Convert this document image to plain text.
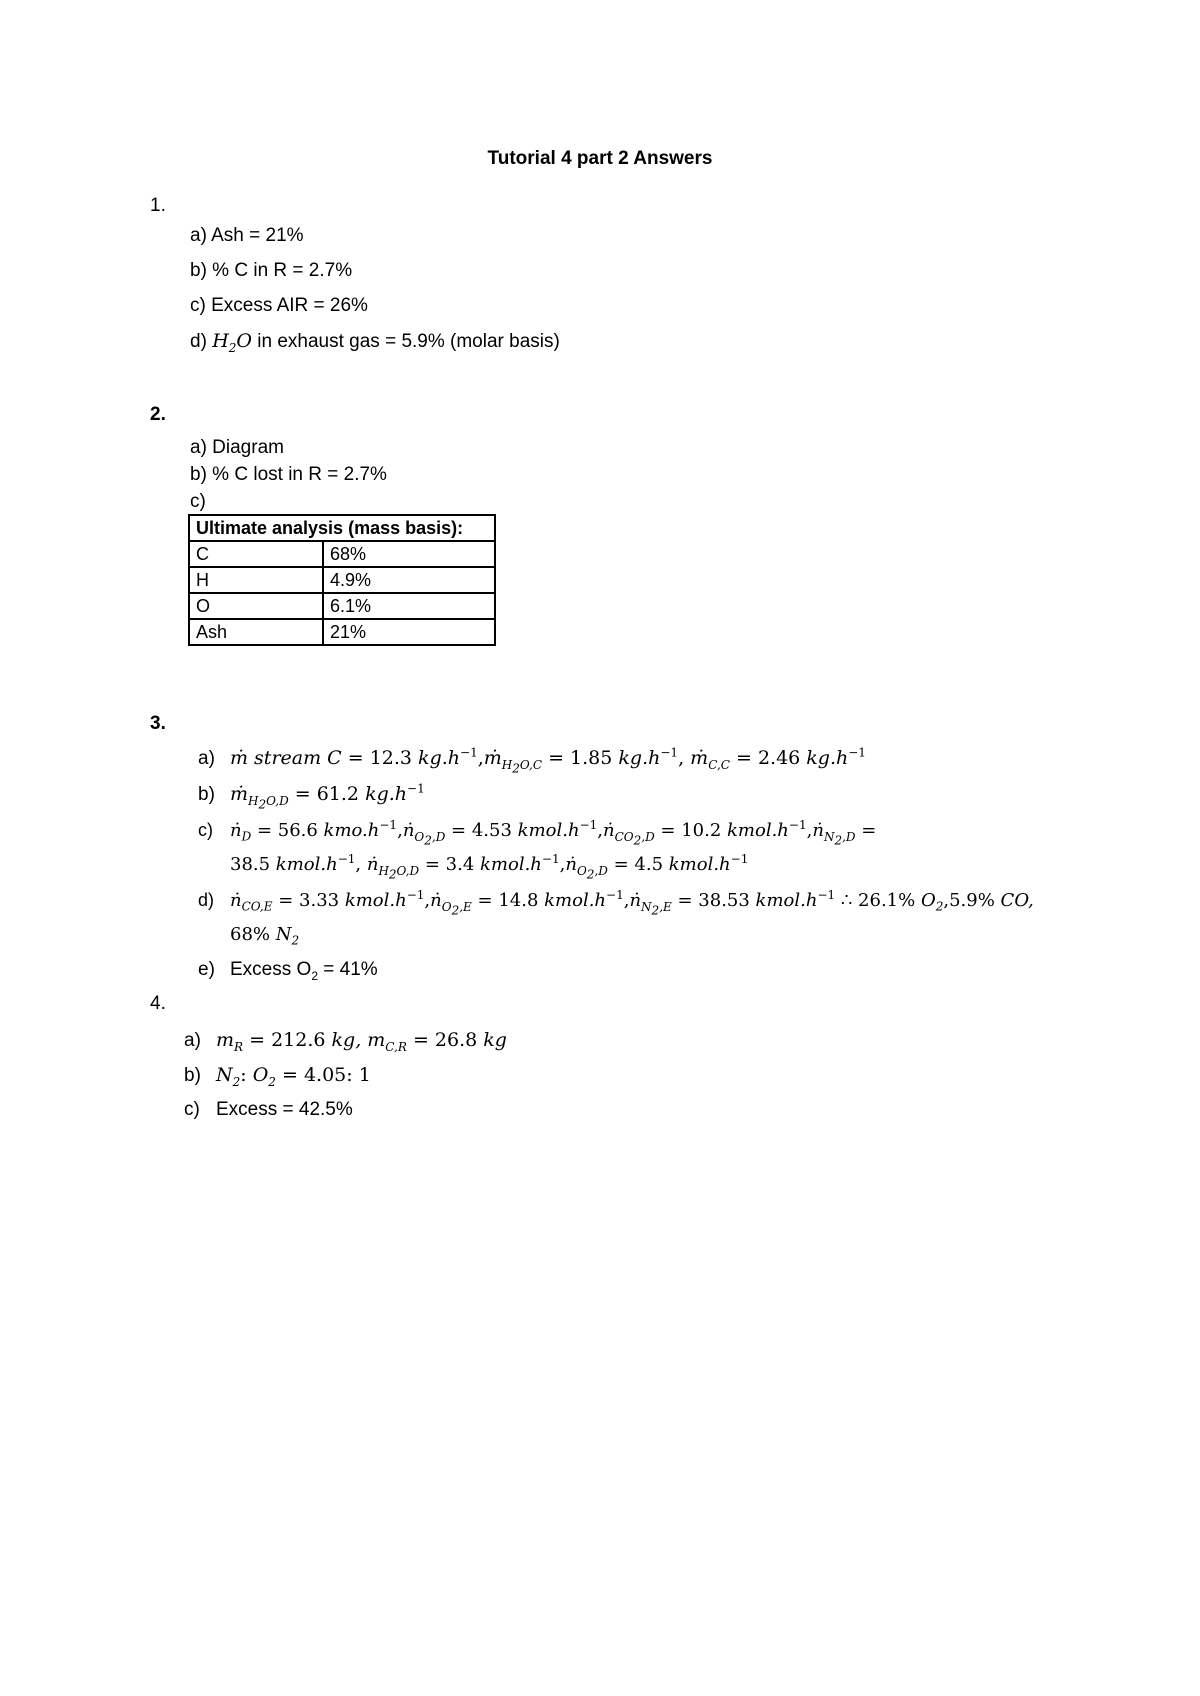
Tutorial 4 part 2 Answers
1.
a) Ash = 21%
b) % C in R = 2.7%
c) Excess AIR = 26%
d) $H_2O$ in exhaust gas = 5.9% (molar basis)
2.
a) Diagram
b) % C lost in R = 2.7%
c)
Ultimate analysis (mass basis):	
C	68%
H	4.9%
O	6.1%
Ash	21%
3.
a) ṁ stream C = 12.3 $kg.h^{-1},ṁ_{H_2O,C} = 1.85$ $kg.h^{-1}$, ṁ$_{C,C}$ = 2.46 $kg.h^{-1}$
b) ṁ$_{H_2O,D}$ = 61.2 $kg.h^{-1}$
c) ṅ$_D$ = 56.6 $kmo.h^{-1},ṅ_{O_2,D} = 4.53$ $kmol.h^{-1},ṅ_{CO_2,D} = 10.2$ $kmol.h^{-1},ṅ_{N_2,D}$ =
38.5 $kmol.h^{-1}$, ṅ$_{H_2O,D}$ = 3.4 $kmol.h^{-1},ṅ_{O_2,D} = 4.5$ $kmol.h^{-1}$
d) ṅ$_{CO,E}$ = 3.33 $kmol.h^{-1},ṅ_{O_2,E} = 14.8$ $kmol.h^{-1},ṅ_{N_2,E} = 38.53$ $kmol.h^{-1}$ ∴ 26.1% $O_2,5.9\%$ CO,
68% $N_2$
e) Excess $O_2 = 41\%$
4.
a) $m_R = 212.6$ kg, $m_{C,R} = 26.8$ kg
b) $N_2$: $O_2 = 4.05$: 1
c) Excess = 42.5%
